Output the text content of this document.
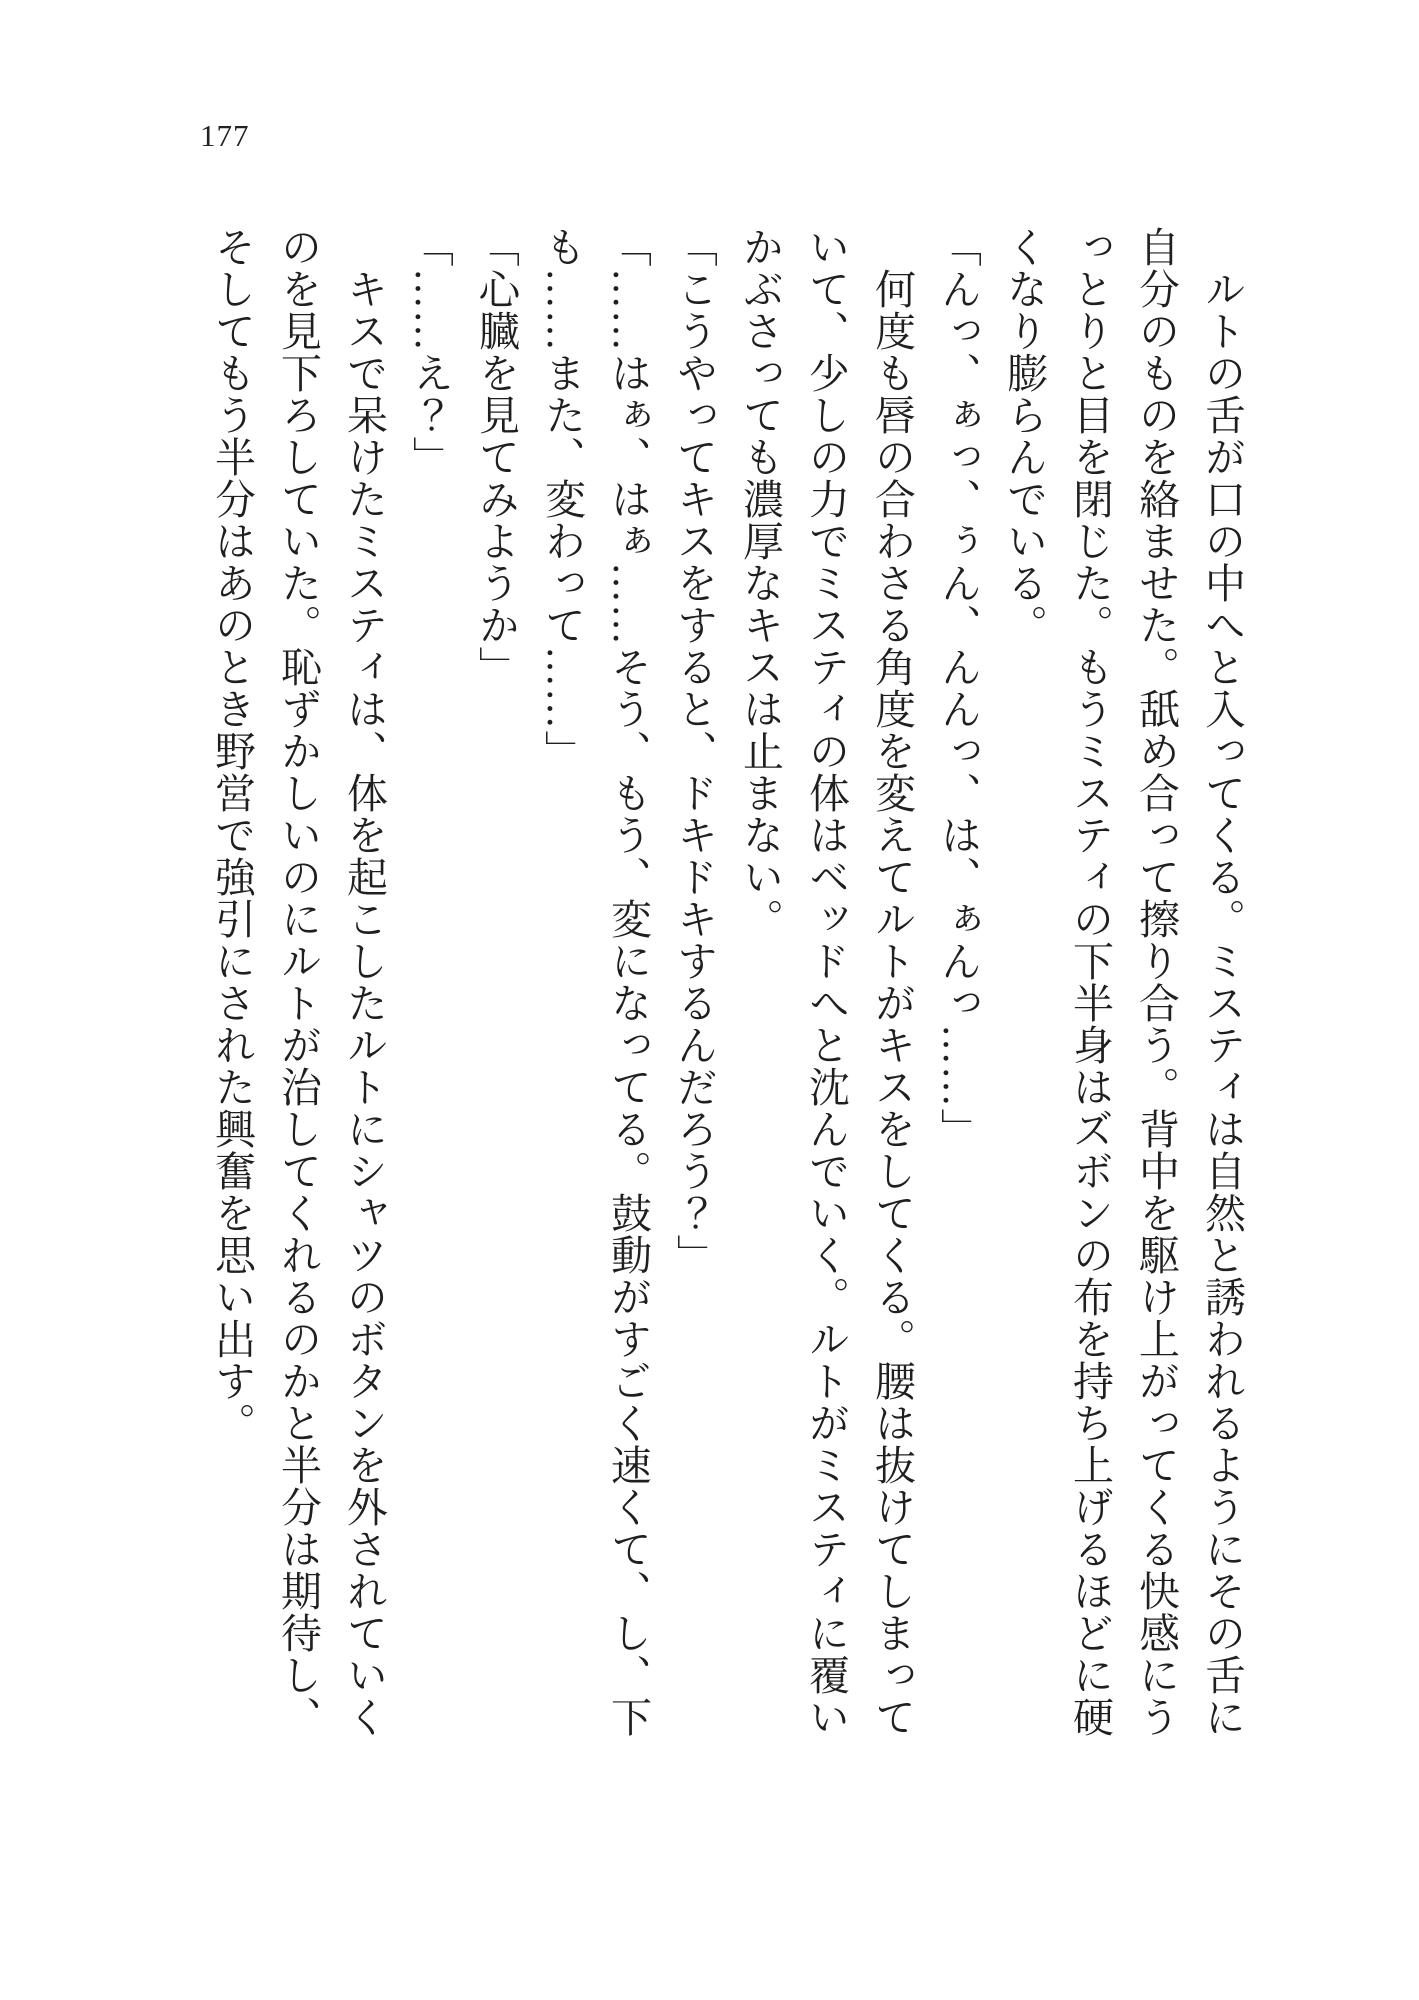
177
ルトの舌が口の中へと入ってくる。ミスティは自然と誘われるようにその舌に
自分のものを絡ませた。舐め合って擦り合う。背中を駆け上がってくる快感にう
っとりと目を閉じた。もうミスティの下半身はズボンの布を持ち上げるほどに硬
くなり膨らんでいる。
「んっ、ぁっ、ぅん、んんっ、は、ぁんっ……」
何度も唇の合わさる角度を変えてルトがキスをしてくる。腰は抜けてしまって
いて、少しの力でミスティの体はベッドへと沈んでいく。ルトがミスティに覆い
かぶさっても濃厚なキスは止まない。
「こうやってキスをすると、ドキドキするんだろう？」
「……はぁ、はぁ……そう、もう、変になってる。鼓動がすごく速くて、し、下
も……また、変わって……」
「心臓を見てみようか」
「……え？」
キスで呆けたミスティは、体を起こしたルトにシャツのボタンを外されていく
のを見下ろしていた。恥ずかしいのにルトが治してくれるのかと半分は期待し、
そしてもう半分はあのとき野営で強引にされた興奮を思い出す。
